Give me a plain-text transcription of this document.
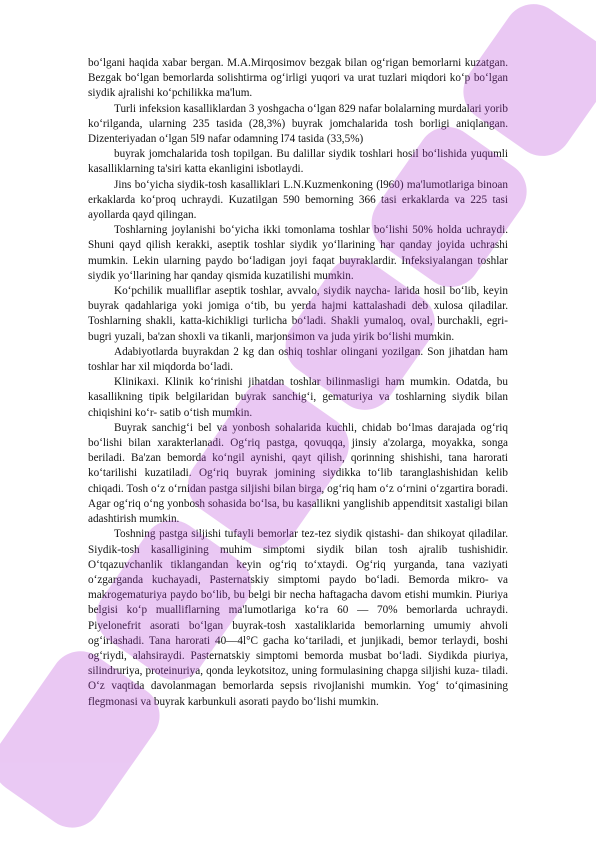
bo‘lgani haqida xabar bergan. M.A.Mirqosimov bezgak bilan og‘rigan bemorlarni kuzatgan. Bezgak bo‘lgan bemorlarda solishtirma og‘irligi yuqori va urat tuzlari miqdori ko‘p bo‘lgan siydik ajralishi ko‘pchilikka ma'lum.

Turli infeksion kasalliklardan 3 yoshgacha o‘lgan 829 nafar bolalarning murdalari yorib ko‘rilganda, ularning 235 tasida (28,3%) buyrak jomchalarida tosh borligi aniqlangan. Dizenteriyadan o‘lgan 5l9 nafar odamning l74 tasida (33,5%)

buyrak jomchalarida tosh topilgan. Bu dalillar siydik toshlari hosil bo‘lishida yuqumli kasalliklarning ta'siri katta ekanligini isbotlaydi.

Jins bo‘yicha siydik-tosh kasalliklari L.N.Kuzmenkoning (l960) ma'lumotlariga binoan erkaklarda ko‘proq uchraydi. Kuzatilgan 590 bemorning 366 tasi erkaklarda va 225 tasi ayollarda qayd qilingan.

Toshlarning joylanishi bo‘yicha ikki tomonlama toshlar bo‘lishi 50% holda uchraydi. Shuni qayd qilish kerakki, aseptik toshlar siydik yo‘llarining har qanday joyida uchrashi mumkin. Lekin ularning paydo bo‘ladigan joyi faqat buyraklardir. Infeksiyalangan toshlar siydik yo‘llarining har qanday qismida kuzatilishi mumkin.

Ko‘pchilik mualliflar aseptik toshlar, avvalo, siydik naycha- larida hosil bo‘lib, keyin buyrak qadahlariga yoki jomiga o‘tib, bu yerda hajmi kattalashadi deb xulosa qiladilar. Toshlarning shakli, katta-kichikligi turlicha bo‘ladi. Shakli yumaloq, oval, burchakli, egri-bugri yuzali, ba'zan shoxli va tikanli, marjonsimon va juda yirik bo‘lishi mumkin.

Adabiyotlarda buyrakdan 2 kg dan oshiq toshlar olingani yozilgan. Son jihatdan ham toshlar har xil miqdorda bo‘ladi.

Klinikaxi. Klinik ko‘rinishi jihatdan toshlar bilinmasligi ham mumkin. Odatda, bu kasallikning tipik belgilaridan buyrak sanchig‘i, gematuriya va toshlarning siydik bilan chiqishini ko‘r- satib o‘tish mumkin.

Buyrak sanchig‘i bel va yonbosh sohalarida kuchli, chidab bo‘lmas darajada og‘riq bo‘lishi bilan xarakterlanadi. Og‘riq pastga, qovuqqa, jinsiy a'zolarga, moyakka, songa beriladi. Ba'zan bemorda ko‘ngil aynishi, qayt qilish, qorinning shishishi, tana harorati ko‘tarilishi kuzatiladi. Og‘riq buyrak jomining siydikka to‘lib taranglashishidan kelib chiqadi. Tosh o‘z o‘rnidan pastga siljishi bilan birga, og‘riq ham o‘z o‘rnini o‘zgartira boradi. Agar og‘riq o‘ng yonbosh sohasida bo‘lsa, bu kasallikni yanglishib appenditsit xastaligi bilan adashtirish mumkin.

Toshning pastga siljishi tufayli bemorlar tez-tez siydik qistashi- dan shikoyat qiladilar. Siydik-tosh kasalligining muhim simptomi siydik bilan tosh ajralib tushishidir. O‘tqazuvchanlik tiklangandan keyin og‘riq to‘xtaydi. Og‘riq yurganda, tana vaziyati o‘zgarganda kuchayadi, Pasternatskiy simptomi paydo bo‘ladi. Bemorda mikro- va makrogematuriya paydo bo‘lib, bu belgi bir necha haftagacha davom etishi mumkin. Piuriya belgisi ko‘p mualliflarning ma'lumotlariga ko‘ra 60 — 70% bemorlarda uchraydi. Piyelonefrit asorati bo‘lgan buyrak-tosh xastaliklarida bemorlarning umumiy ahvoli og‘irlashadi. Tana harorati 40—4l°C gacha ko‘tariladi, et junjikadi, bemor terlaydi, boshi og‘riydi, alahsiraydi. Pasternatskiy simptomi bemorda musbat bo‘ladi. Siydikda piuriya, silindruriya, proteinuriya, qonda leykotsitoz, uning formulasining chapga siljishi kuza- tiladi. O‘z vaqtida davolanmagan bemorlarda sepsis rivojlanishi mumkin. Yog‘ to‘qimasining flegmonasi va buyrak karbunkuli asorati paydo bo‘lishi mumkin.
